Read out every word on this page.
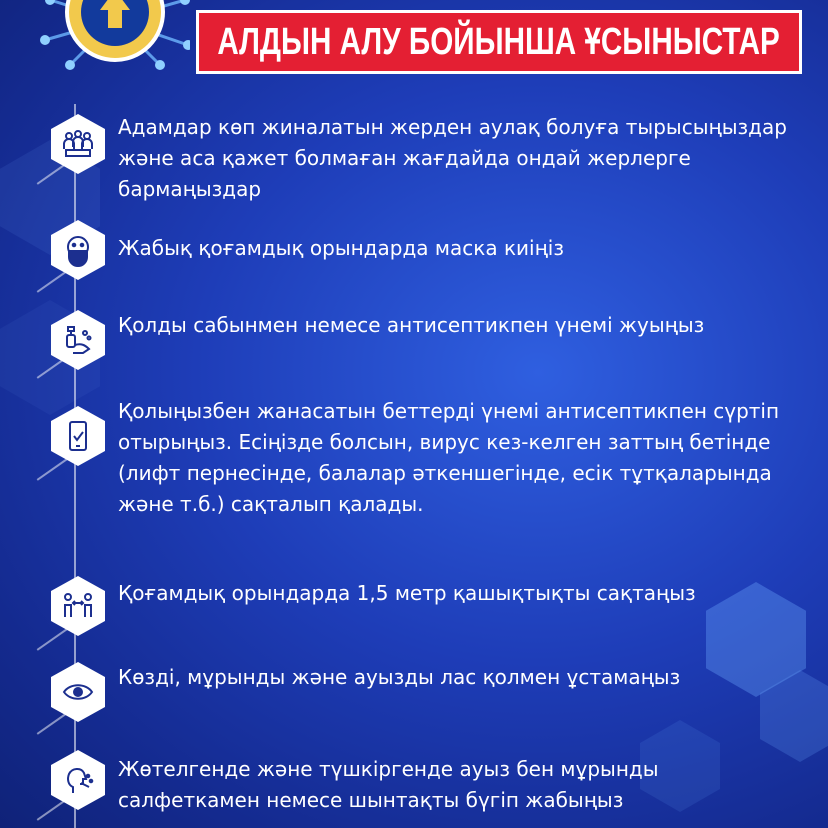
АЛДЫН АЛУ БОЙЫНША ҰСЫНЫСТАР
Адамдар көп жиналатын жерден аулақ болуға тырысыңыздар және аса қажет болмаған жағдайда ондай жерлерге бармаңыздар
Жабық қоғамдық орындарда маска киіңіз
Қолды сабынмен немесе антисептикпен үнемі жуыңыз
Қолыңызбен жанасатын беттерді үнемі антисептикпен сүртіп отырыңыз. Есіңізде болсын, вирус кез-келген заттың бетінде (лифт пернесінде, балалар әткеншегінде, есік тұтқаларында және т.б.) сақталып қалады.
Қоғамдық орындарда 1,5 метр қашықтықты сақтаңыз
Көзді, мұрынды және ауызды лас қолмен ұстамаңыз
Жөтелгенде және түшкіргенде ауыз бен мұрынды салфеткамен немесе шынтақты бүгіп жабыңыз
